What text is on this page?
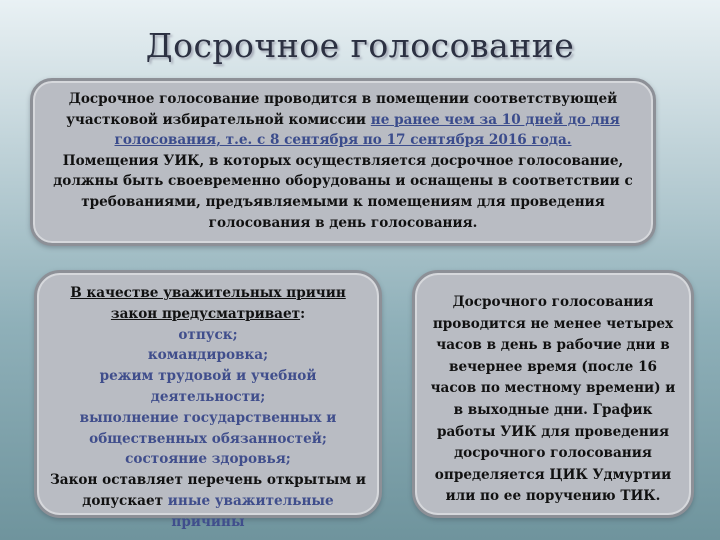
Досрочное голосование
Досрочное голосование проводится в помещении соответствующей участковой избирательной комиссии не ранее чем за 10 дней до дня голосования, т.е. с 8 сентября по 17 сентября 2016 года.
Помещения УИК, в которых осуществляется досрочное голосование, должны быть своевременно оборудованы и оснащены в соответствии с требованиями, предъявляемыми к помещениям для проведения голосования в день голосования.
В качестве уважительных причин закон предусматривает:
отпуск;
командировка;
режим трудовой и учебной деятельности;
выполнение государственных и общественных обязанностей;
состояние здоровья;
Закон оставляет перечень открытым и допускает иные уважительные причины
Досрочного голосования проводится не менее четырех часов в день в рабочие дни в вечернее время (после 16 часов по местному времени) и в выходные дни. График работы УИК для проведения досрочного голосования определяется ЦИК Удмуртии или по ее поручению ТИК.
